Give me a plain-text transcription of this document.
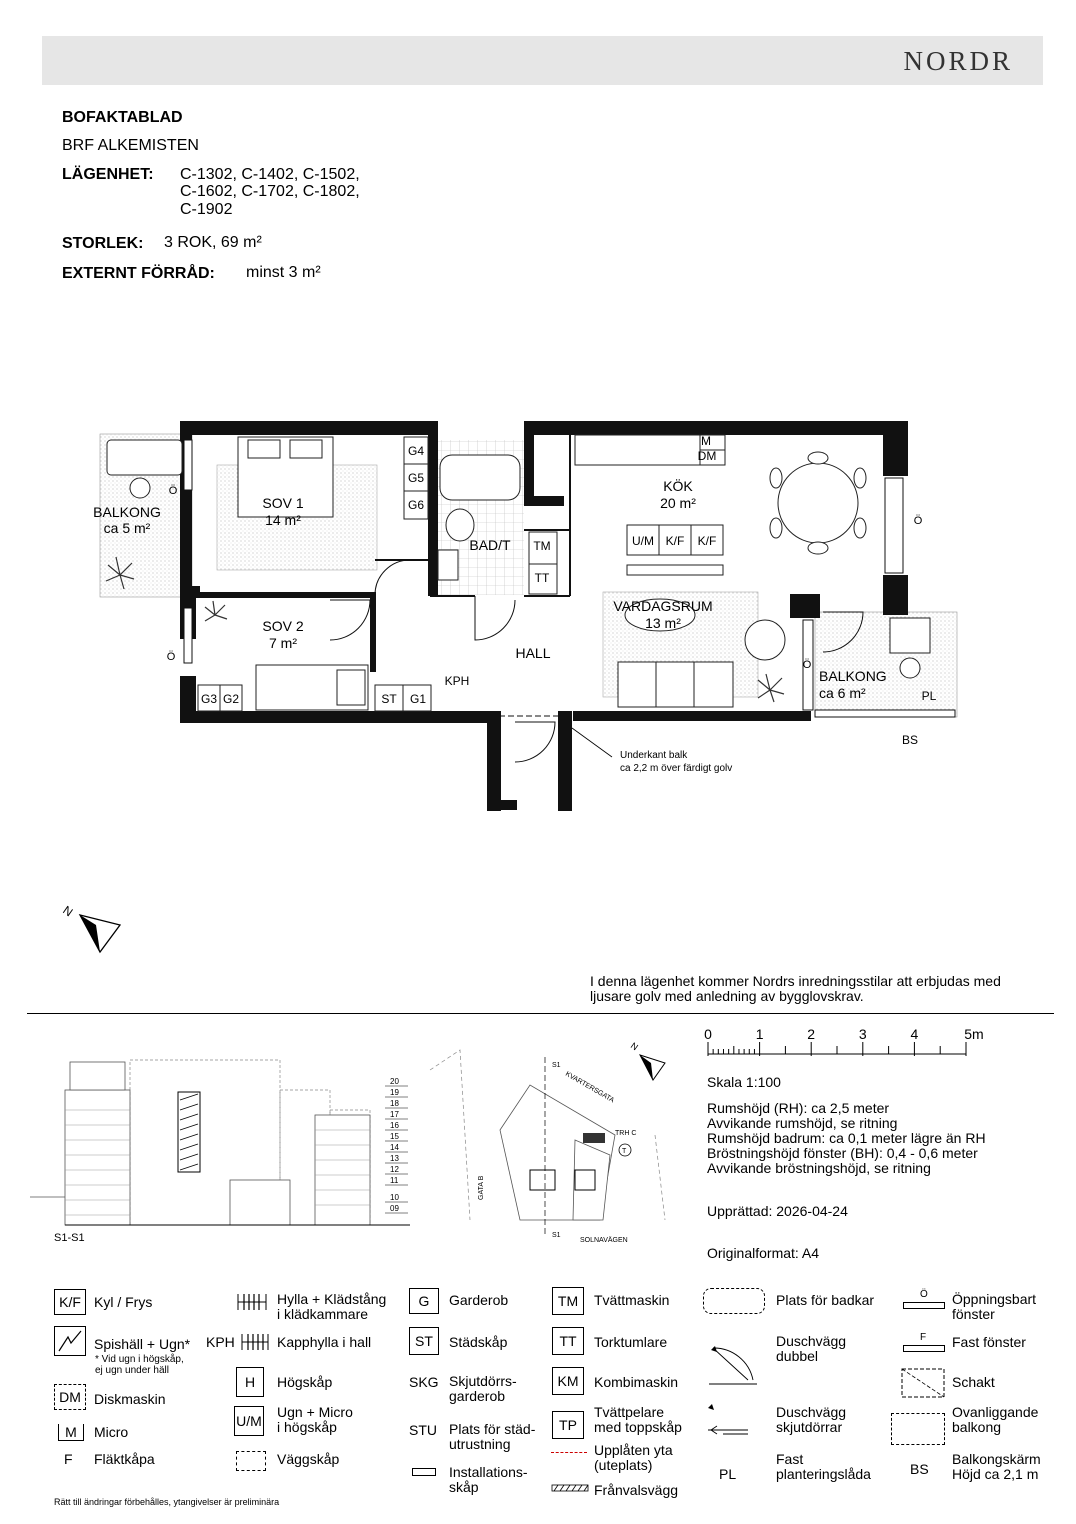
NORDR
BOFAKTABLAD
BRF ALKEMISTEN
LÄGENHET: C-1302, C-1402, C-1502,
C-1602, C-1702, C-1802,
C-1902
STORLEK: 3 ROK, 69 m²
EXTERNT FÖRRÅD: minst 3 m²
BALKONG
ca 5 m²
SOV 1
14 m²
SOV 2
7 m²
BAD/T
HALL
KÖK
20 m²
VARDAGSRUM
13 m²
BALKONG
ca 6 m²
G4
G5
G6
TM
TT
M
DM
U/M K/F K/F
G3 G2	ST G1
KPH
PL
BS
Ö
Ö
Ö
Ö
Underkant balk
ca 2,2 m över färdigt golv
N
I denna lägenhet kommer Nordrs inredningsstilar att erbjudas med
ljusare golv med anledning av bygglovskrav.
20
19
18
17
16
15
14
13
12
11
10
09
S1-S1
S1
S1
KVARTERSGATA
GATA B
SOLNAVÄGEN
TRH C
T
N
0	1	2	3	4	5m
Skala 1:100
Rumshöjd (RH): ca 2,5 meter
Avvikande rumshöjd, se ritning
Rumshöjd badrum: ca 0,1 meter lägre än RH
Bröstningshöjd fönster (BH): 0,4 - 0,6 meter
Avvikande bröstningshöjd, se ritning
Upprättad: 2026-04-24
Originalformat: A4
K/F Kyl / Frys
Spishäll + Ugn*
* Vid ugn i högskåp,
ej ugn under häll
DM Diskmaskin
M	Micro
F Fläktkåpa
Hylla + Klädstång
i klädkammare
KPH	Kapphylla i hall
H	Högskåp
U/M
Ugn + Micro
i högskåp
Väggskåp
G	Garderob
ST	Städskåp
SKG Skjutdörrs-
garderob
STU Plats för städ-
utrustning
Installations-
skåp
TM	Tvättmaskin
TT	Torktumlare
KM	Kombimaskin
TP
Tvättpelare
med toppskåp
Upplåten yta
(uteplats)
Frånvalsvägg
Plats för badkar
Duschvägg
dubbel
Duschvägg
skjutdörrar
PL
Fast
planteringslåda
Ö Öppningsbart
fönster
F Fast fönster
Schakt
Ovanliggande
balkong
BS
Balkongskärm
Höjd ca 2,1 m
Rätt till ändringar förbehålles, ytangivelser är preliminära
